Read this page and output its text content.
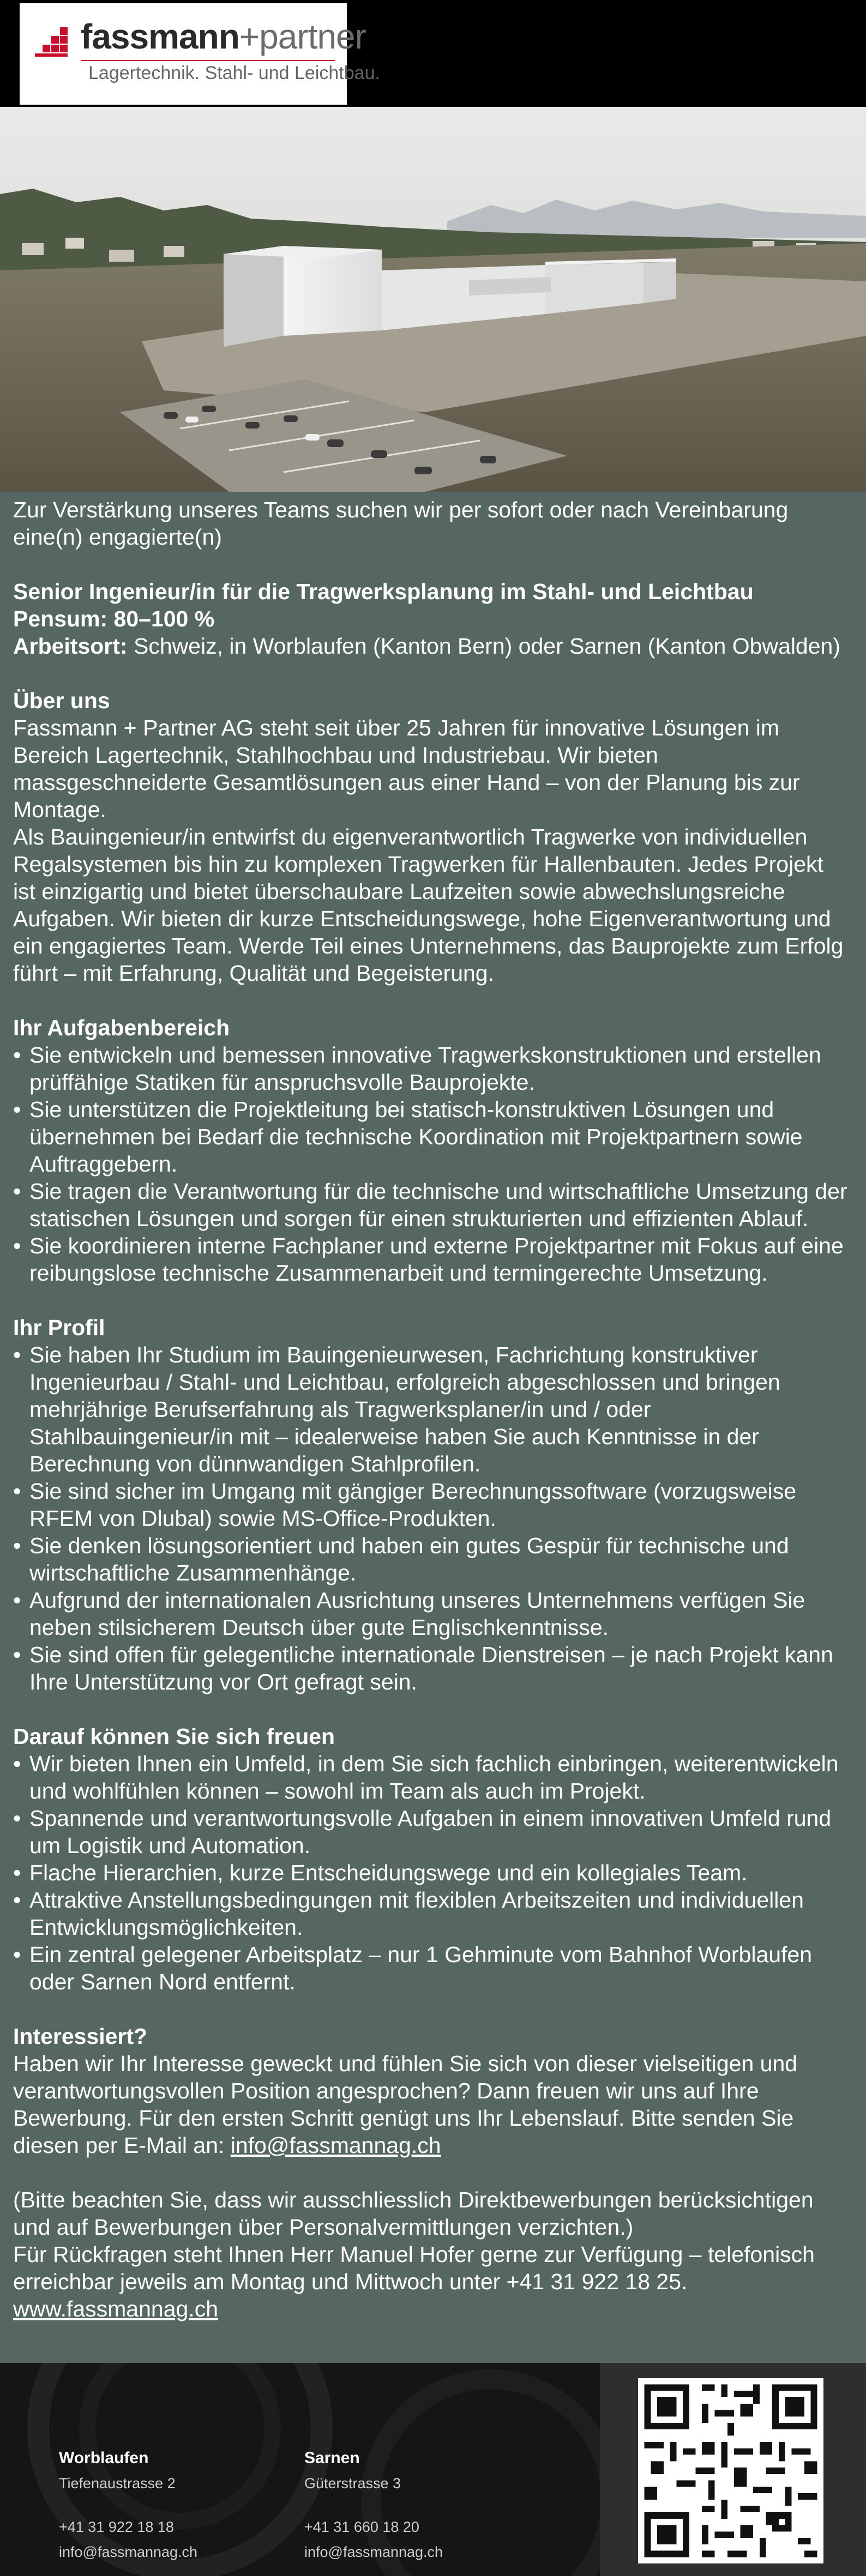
fassmann+partner
Lagertechnik. Stahl- und Leichtbau.

Zur Verstärkung unseres Teams suchen wir per sofort oder nach Vereinbarung eine(n) engagierte(n)

Senior Ingenieur/in für die Tragwerksplanung im Stahl- und Leichtbau

Pensum: 80–100 %

Arbeitsort: Schweiz, in Worblaufen (Kanton Bern) oder Sarnen (Kanton Obwalden)

Über uns

Fassmann + Partner AG steht seit über 25 Jahren für innovative Lösungen im Bereich Lagertechnik, Stahlhochbau und Industriebau. Wir bieten massgeschneiderte Gesamtlösungen aus einer Hand – von der Planung bis zur Montage.

Als Bauingenieur/in entwirfst du eigenverantwortlich Tragwerke von individuellen Regalsystemen bis hin zu komplexen Tragwerken für Hallenbauten. Jedes Projekt ist einzigartig und bietet überschaubare Laufzeiten sowie abwechslungsreiche Aufgaben. Wir bieten dir kurze Entscheidungswege, hohe Eigenverantwortung und ein engagiertes Team. Werde Teil eines Unternehmens, das Bauprojekte zum Erfolg führt – mit Erfahrung, Qualität und Begeisterung.

Ihr Aufgabenbereich
• Sie entwickeln und bemessen innovative Tragwerkskonstruktionen und erstellen prüffähige Statiken für anspruchsvolle Bauprojekte.
• Sie unterstützen die Projektleitung bei statisch-konstruktiven Lösungen und übernehmen bei Bedarf die technische Koordination mit Projektpartnern sowie Auftraggebern.
• Sie tragen die Verantwortung für die technische und wirtschaftliche Umsetzung der statischen Lösungen und sorgen für einen strukturierten und effizienten Ablauf.
• Sie koordinieren interne Fachplaner und externe Projektpartner mit Fokus auf eine reibungslose technische Zusammenarbeit und termingerechte Umsetzung.
Ihr Profil
• Sie haben Ihr Studium im Bauingenieurwesen, Fachrichtung konstruktiver Ingenieurbau / Stahl- und Leichtbau, erfolgreich abgeschlossen und bringen mehrjährige Berufserfahrung als Tragwerksplaner/in und / oder Stahlbauingenieur/in mit – idealerweise haben Sie auch Kenntnisse in der Berechnung von dünnwandigen Stahlprofilen.
• Sie sind sicher im Umgang mit gängiger Berechnungssoftware (vorzugsweise RFEM von Dlubal) sowie MS-Office-Produkten.
• Sie denken lösungsorientiert und haben ein gutes Gespür für technische und wirtschaftliche Zusammenhänge.
• Aufgrund der internationalen Ausrichtung unseres Unternehmens verfügen Sie neben stilsicherem Deutsch über gute Englischkenntnisse.
• Sie sind offen für gelegentliche internationale Dienstreisen – je nach Projekt kann Ihre Unterstützung vor Ort gefragt sein.
Darauf können Sie sich freuen
• Wir bieten Ihnen ein Umfeld, in dem Sie sich fachlich einbringen, weiterentwickeln und wohlfühlen können – sowohl im Team als auch im Projekt.
• Spannende und verantwortungsvolle Aufgaben in einem innovativen Umfeld rund um Logistik und Automation.
• Flache Hierarchien, kurze Entscheidungswege und ein kollegiales Team.
• Attraktive Anstellungsbedingungen mit flexiblen Arbeitszeiten und individuellen Entwicklungsmöglichkeiten.
• Ein zentral gelegener Arbeitsplatz – nur 1 Gehminute vom Bahnhof Worblaufen oder Sarnen Nord entfernt.
Interessiert?

Haben wir Ihr Interesse geweckt und fühlen Sie sich von dieser vielseitigen und verantwortungsvollen Position angesprochen? Dann freuen wir uns auf Ihre Bewerbung. Für den ersten Schritt genügt uns Ihr Lebenslauf. Bitte senden Sie diesen per E-Mail an: info@fassmannag.ch

(Bitte beachten Sie, dass wir ausschliesslich Direktbewerbungen berücksichtigen und auf Bewerbungen über Personalvermittlungen verzichten.)

Für Rückfragen steht Ihnen Herr Manuel Hofer gerne zur Verfügung – telefonisch erreichbar jeweils am Montag und Mittwoch unter +41 31 922 18 25.

www.fassmannag.ch

Worblaufen
Tiefenaustrasse 2
+41 31 922 18 18
info@fassmannag.ch
Sarnen
Güterstrasse 3
+41 31 660 18 20
info@fassmannag.ch
